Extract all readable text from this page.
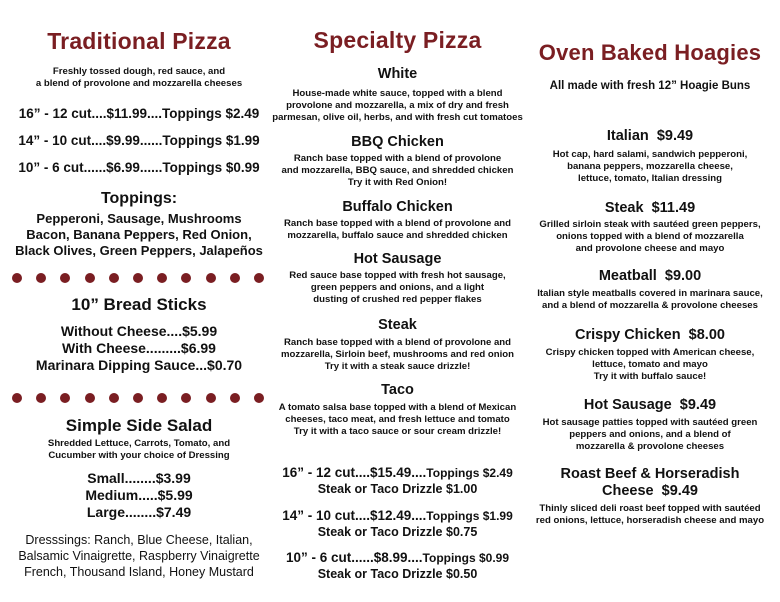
Traditional Pizza
Freshly tossed dough, red sauce, and
a blend of provolone and mozzarella cheeses
16” - 12 cut....$11.99....Toppings $2.49
14” - 10 cut....$9.99......Toppings $1.99
10” - 6 cut......$6.99......Toppings $0.99
Toppings:
Pepperoni, Sausage, Mushrooms
Bacon, Banana Peppers, Red Onion,
Black Olives, Green Peppers, Jalapeños
10” Bread Sticks
Without Cheese....$5.99
With Cheese.........$6.99
Marinara Dipping Sauce...$0.70
Simple Side Salad
Shredded Lettuce, Carrots, Tomato, and
Cucumber with your choice of Dressing
Small........$3.99
Medium.....$5.99
Large........$7.49
Dresssings: Ranch, Blue Cheese, Italian,
Balsamic Vinaigrette, Raspberry Vinaigrette
French, Thousand Island, Honey Mustard
Specialty Pizza
White
House-made white sauce, topped with a blend
provolone and mozzarella, a mix of dry and fresh
parmesan, olive oil, herbs, and with fresh cut tomatoes
BBQ Chicken
Ranch base topped with a blend of provolone
and mozzarella, BBQ sauce, and shredded chicken
Try it with Red Onion!
Buffalo Chicken
Ranch base topped with a blend of provolone and
mozzarella, buffalo sauce and shredded chicken
Hot Sausage
Red sauce base topped with fresh hot sausage,
green peppers and onions, and a light
dusting of crushed red pepper flakes
Steak
Ranch base topped with a blend of provolone and
mozzarella, Sirloin beef, mushrooms and red onion
Try it with a steak sauce drizzle!
Taco
A tomato salsa base topped with a blend of Mexican
cheeses, taco meat, and fresh lettuce and tomato
Try it with a taco sauce or sour cream drizzle!
16” - 12 cut....$15.49....Toppings $2.49
Steak or Taco Drizzle $1.00
14” - 10 cut....$12.49....Toppings $1.99
Steak or Taco Drizzle $0.75
10” - 6 cut......$8.99....Toppings $0.99
Steak or Taco Drizzle $0.50
Oven Baked Hoagies
All made with fresh 12” Hoagie Buns
Italian $9.49
Hot cap, hard salami, sandwich pepperoni,
banana peppers, mozzarella cheese,
lettuce, tomato, Italian dressing
Steak $11.49
Grilled sirloin steak with sautéed green peppers,
onions topped with a blend of mozzarella
and provolone cheese and mayo
Meatball $9.00
Italian style meatballs covered in marinara sauce,
and a blend of mozzarella & provolone cheeses
Crispy Chicken $8.00
Crispy chicken topped with American cheese,
lettuce, tomato and mayo
Try it with buffalo sauce!
Hot Sausage $9.49
Hot sausage patties topped with sautéed green
peppers and onions, and a blend of
mozzarella & provolone cheeses
Roast Beef & Horseradish
Cheese $9.49
Thinly sliced deli roast beef topped with sautéed
red onions, lettuce, horseradish cheese and mayo
